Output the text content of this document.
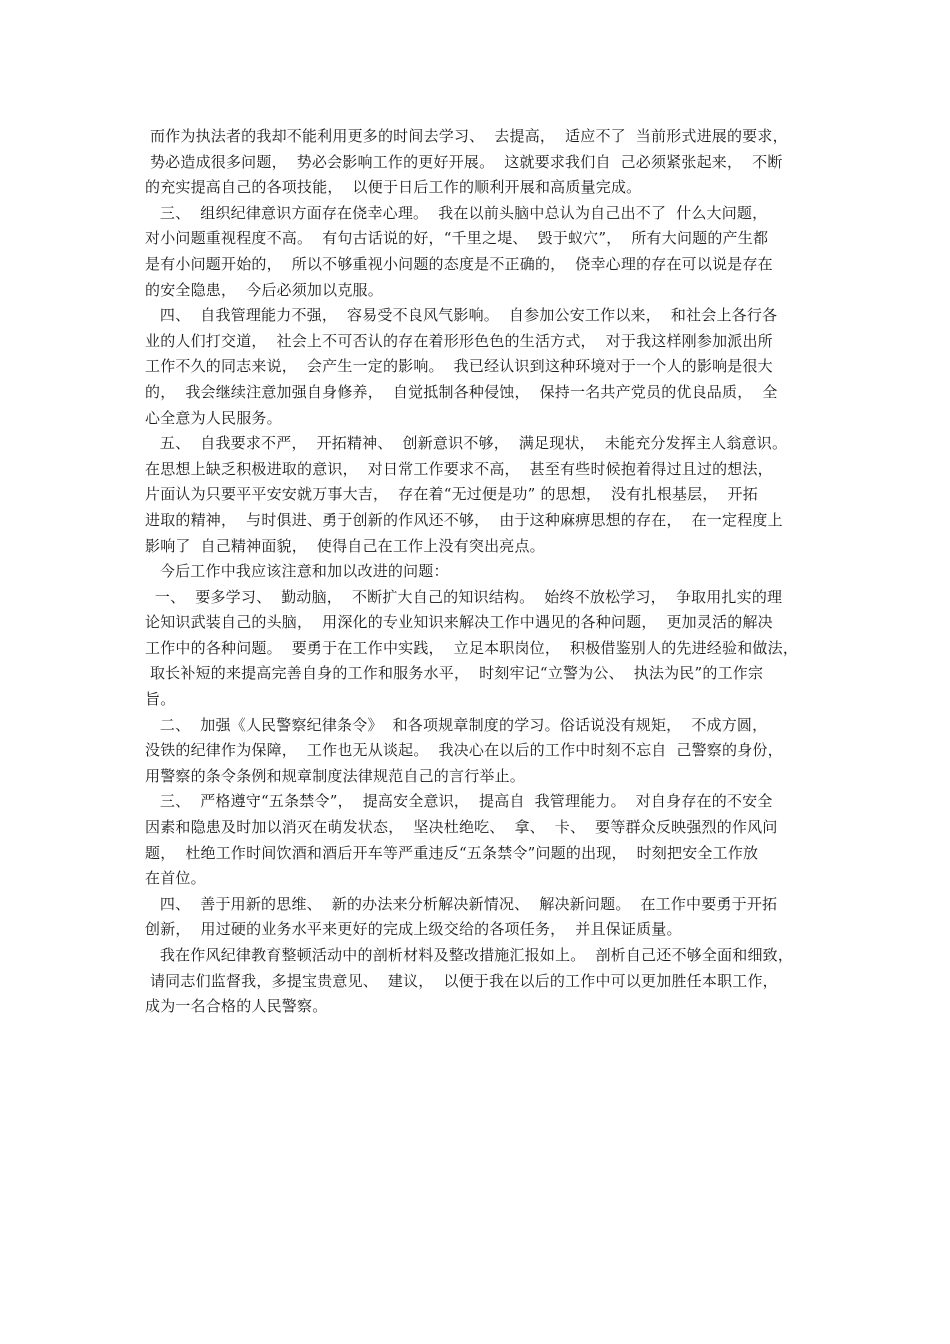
而作为执法者的我却不能利用更多的时间去学习、  去提高，  适应不了  当前形式进展的要求，
势必造成很多问题，  势必会影响工作的更好开展。  这就要求我们自  己必须紧张起来，  不断
的充实提高自己的各项技能，  以便于日后工作的顺利开展和高质量完成。
三、  组织纪律意识方面存在侥幸心理。  我在以前头脑中总认为自己出不了  什么大问题，
对小问题重视程度不高。  有句古话说的好，“千里之堤、  毁于蚁穴”，  所有大问题的产生都
是有小问题开始的，  所以不够重视小问题的态度是不正确的，  侥幸心理的存在可以说是存在
的安全隐患，  今后必须加以克服。
四、  自我管理能力不强，  容易受不良风气影响。  自参加公安工作以来，  和社会上各行各
业的人们打交道，  社会上不可否认的存在着形形色色的生活方式，  对于我这样刚参加派出所
工作不久的同志来说，  会产生一定的影响。  我已经认识到这种环境对于一个人的影响是很大
的，  我会继续注意加强自身修养，  自觉抵制各种侵蚀，  保持一名共产党员的优良品质，  全
心全意为人民服务。
五、  自我要求不严，  开拓精神、  创新意识不够，  满足现状，  未能充分发挥主人翁意识。
在思想上缺乏积极进取的意识，  对日常工作要求不高，  甚至有些时候抱着得过且过的想法，
片面认为只要平平安安就万事大吉，  存在着“无过便是功” 的思想，  没有扎根基层，  开拓
进取的精神，  与时俱进、勇于创新的作风还不够，  由于这种麻痹思想的存在，  在一定程度上
影响了  自己精神面貌，  使得自己在工作上没有突出亮点。
今后工作中我应该注意和加以改进的问题：
一、  要多学习、  勤动脑，  不断扩大自己的知识结构。  始终不放松学习，  争取用扎实的理
论知识武装自己的头脑，  用深化的专业知识来解决工作中遇见的各种问题，  更加灵活的解决
工作中的各种问题。  要勇于在工作中实践，  立足本职岗位，  积极借鉴别人的先进经验和做法，
取长补短的来提高完善自身的工作和服务水平，  时刻牢记“立警为公、  执法为民”的工作宗
旨。
二、  加强《人民警察纪律条令》  和各项规章制度的学习。俗话说没有规矩，  不成方圆，
没铁的纪律作为保障，  工作也无从谈起。  我决心在以后的工作中时刻不忘自  己警察的身份，
用警察的条令条例和规章制度法律规范自己的言行举止。
三、  严格遵守“五条禁令”，  提高安全意识，  提高自  我管理能力。  对自身存在的不安全
因素和隐患及时加以消灭在萌发状态，  坚决杜绝吃、  拿、  卡、  要等群众反映强烈的作风问
题，  杜绝工作时间饮酒和酒后开车等严重违反“五条禁令”问题的出现，  时刻把安全工作放
在首位。
四、  善于用新的思维、  新的办法来分析解决新情况、  解决新问题。  在工作中要勇于开拓
创新，  用过硬的业务水平来更好的完成上级交给的各项任务，  并且保证质量。
我在作风纪律教育整顿活动中的剖析材料及整改措施汇报如上。  剖析自己还不够全面和细致，
请同志们监督我，多提宝贵意见、  建议，  以便于我在以后的工作中可以更加胜任本职工作，
成为一名合格的人民警察。
